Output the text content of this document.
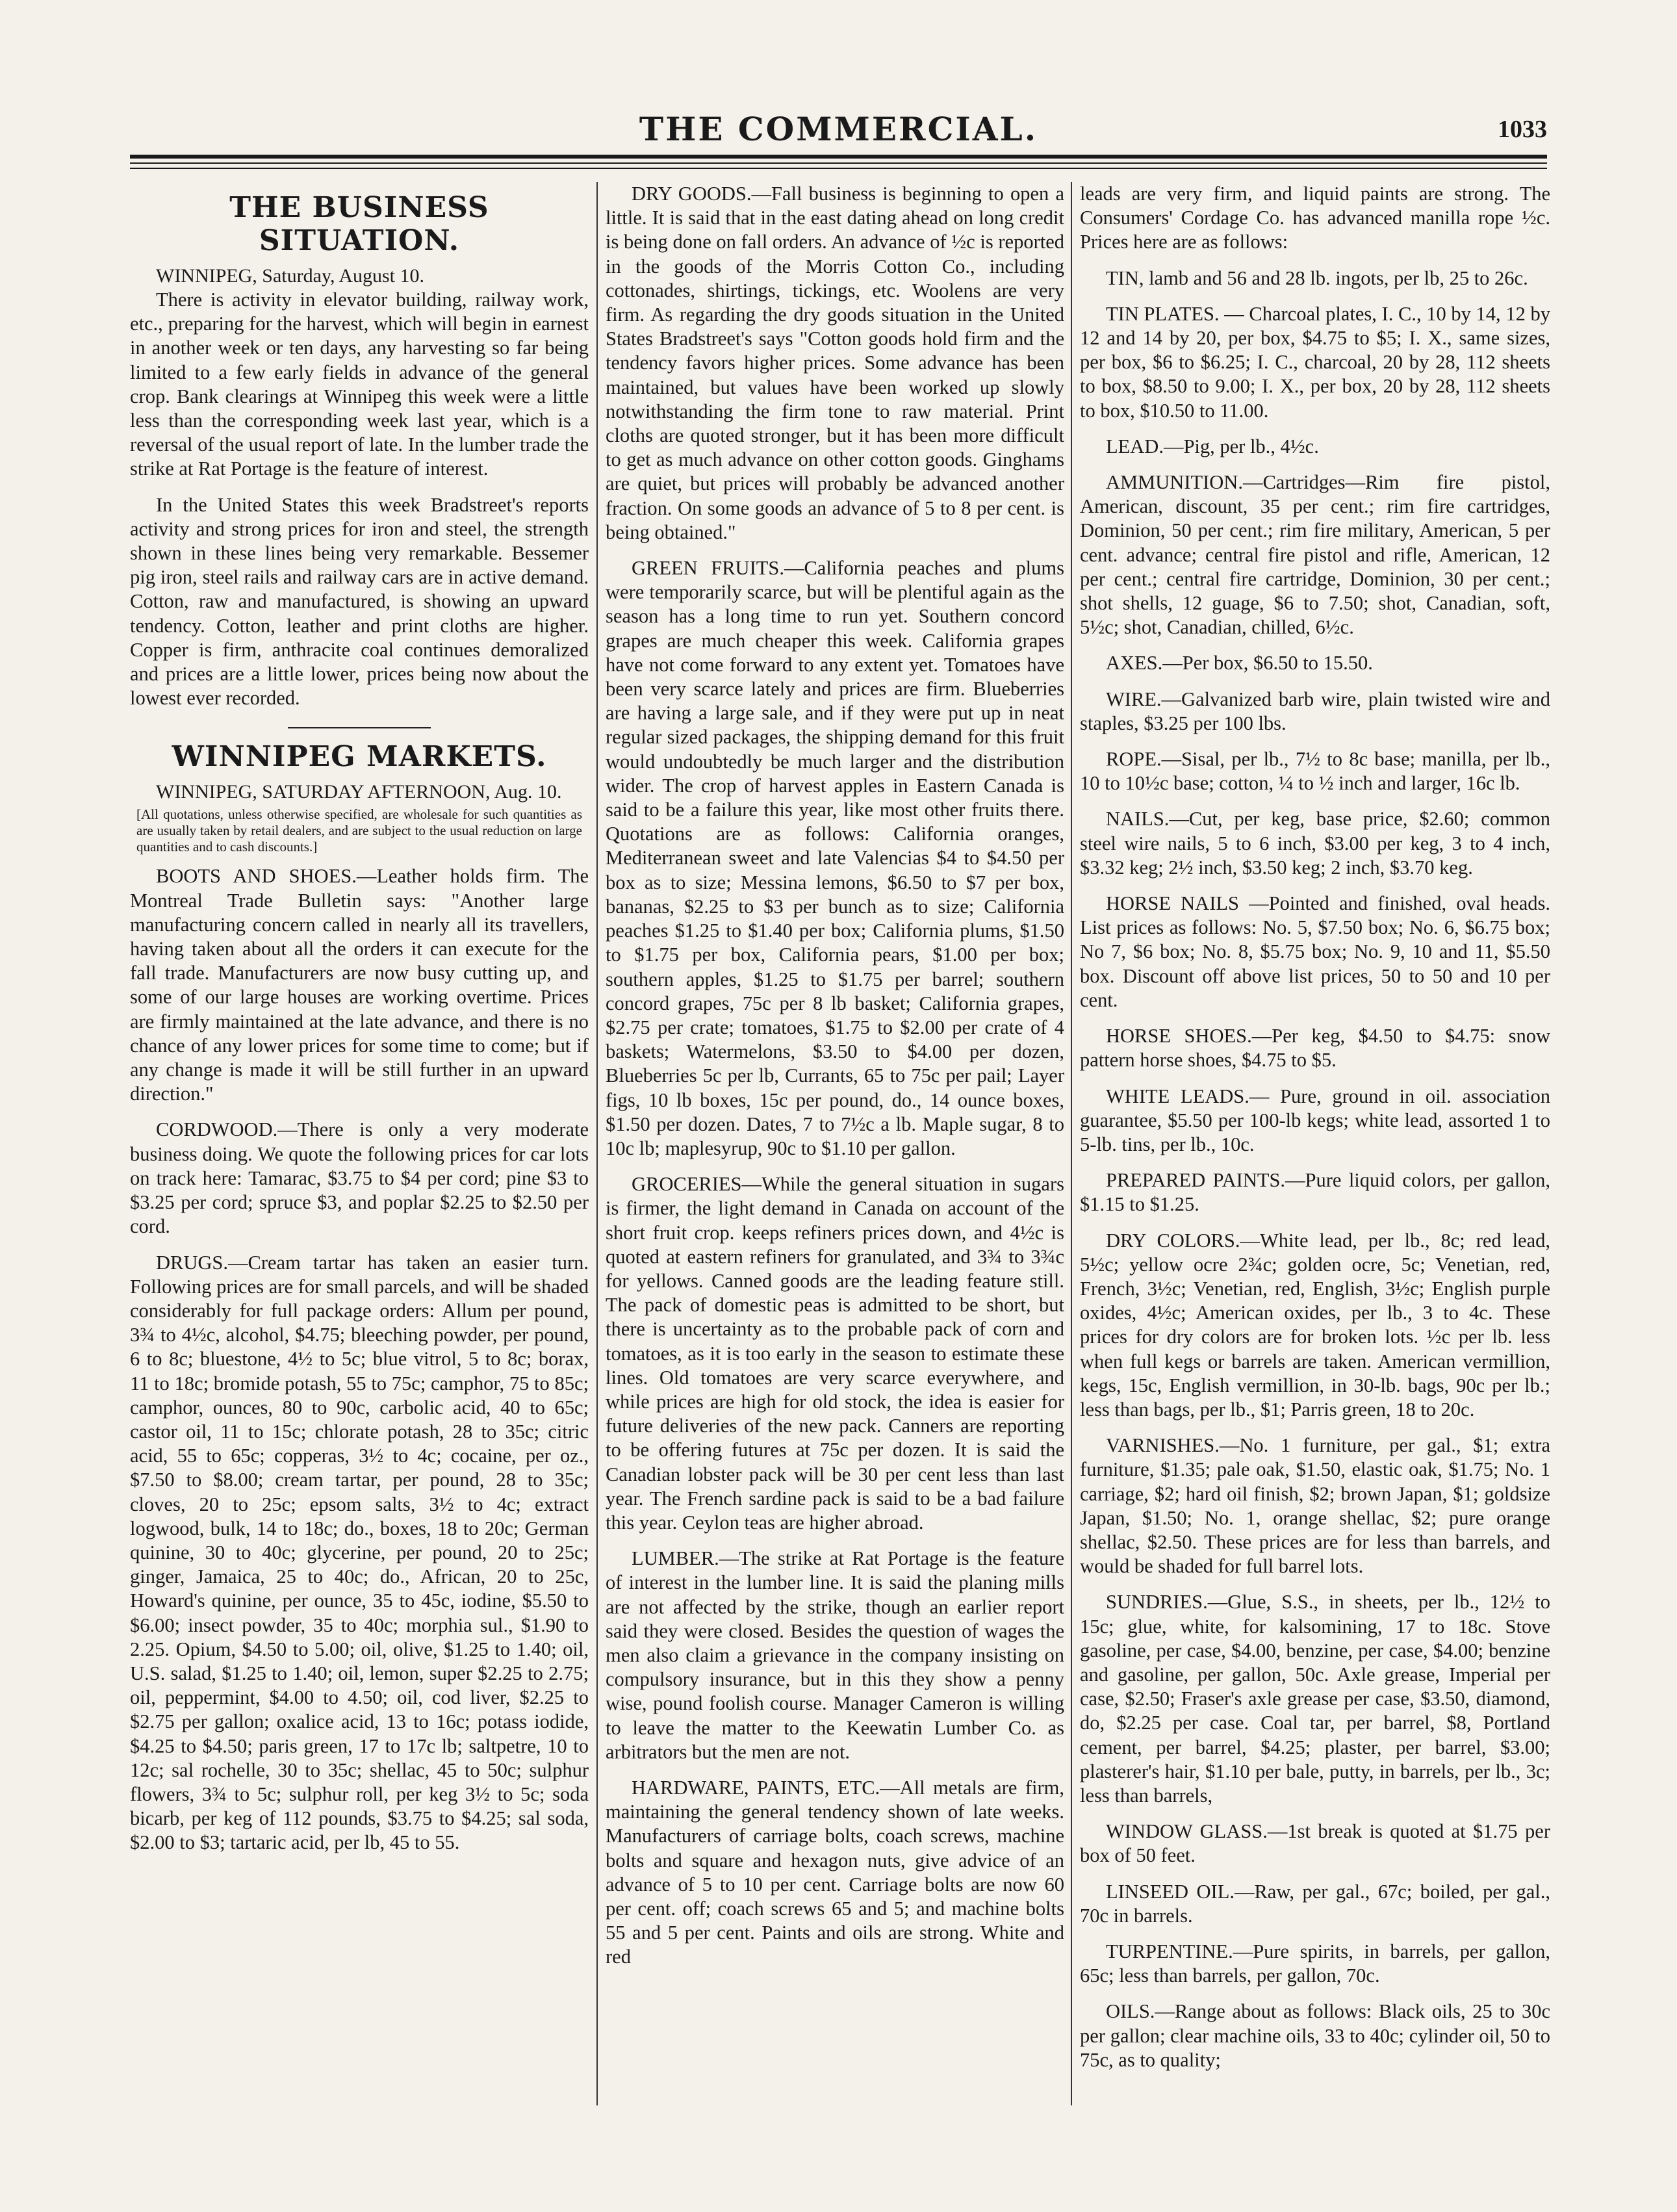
THE COMMERCIAL.	1033
THE BUSINESS SITUATION.

WINNIPEG, Saturday, August 10.

There is activity in elevator building, railway work, etc., preparing for the harvest, which will begin in earnest in another week or ten days, any harvesting so far being limited to a few early fields in advance of the general crop. Bank clearings at Winnipeg this week were a little less than the corresponding week last year, which is a reversal of the usual report of late. In the lumber trade the strike at Rat Portage is the feature of interest.

In the United States this week Bradstreet's reports activity and strong prices for iron and steel, the strength shown in these lines being very remarkable. Bessemer pig iron, steel rails and railway cars are in active demand. Cotton, raw and manufactured, is showing an upward tendency. Cotton, leather and print cloths are higher. Copper is firm, anthracite coal continues demoralized and prices are a little lower, prices being now about the lowest ever recorded.

WINNIPEG MARKETS.

WINNIPEG, SATURDAY AFTERNOON, Aug. 10.

[All quotations, unless otherwise specified, are wholesale for such quantities as are usually taken by retail dealers, and are subject to the usual reduction on large quantities and to cash discounts.]

BOOTS AND SHOES.—Leather holds firm. The Montreal Trade Bulletin says: "Another large manufacturing concern called in nearly all its travellers, having taken about all the orders it can execute for the fall trade. Manufacturers are now busy cutting up, and some of our large houses are working overtime. Prices are firmly maintained at the late advance, and there is no chance of any lower prices for some time to come; but if any change is made it will be still further in an upward direction."

CORDWOOD.—There is only a very moderate business doing. We quote the following prices for car lots on track here: Tamarac, $3.75 to $4 per cord; pine $3 to $3.25 per cord; spruce $3, and poplar $2.25 to $2.50 per cord.

DRUGS.—Cream tartar has taken an easier turn. Following prices are for small parcels, and will be shaded considerably for full package orders: Allum per pound, 3¾ to 4½c, alcohol, $4.75; bleeching powder, per pound, 6 to 8c; bluestone, 4½ to 5c; blue vitrol, 5 to 8c; borax, 11 to 18c; bromide potash, 55 to 75c; camphor, 75 to 85c; camphor, ounces, 80 to 90c, carbolic acid, 40 to 65c; castor oil, 11 to 15c; chlorate potash, 28 to 35c; citric acid, 55 to 65c; copperas, 3½ to 4c; cocaine, per oz., $7.50 to $8.00; cream tartar, per pound, 28 to 35c; cloves, 20 to 25c; epsom salts, 3½ to 4c; extract logwood, bulk, 14 to 18c; do., boxes, 18 to 20c; German quinine, 30 to 40c; glycerine, per pound, 20 to 25c; ginger, Jamaica, 25 to 40c; do., African, 20 to 25c, Howard's quinine, per ounce, 35 to 45c, iodine, $5.50 to $6.00; insect powder, 35 to 40c; morphia sul., $1.90 to 2.25. Opium, $4.50 to 5.00; oil, olive, $1.25 to 1.40; oil, U.S. salad, $1.25 to 1.40; oil, lemon, super $2.25 to 2.75; oil, peppermint, $4.00 to 4.50; oil, cod liver, $2.25 to $2.75 per gallon; oxalice acid, 13 to 16c; potass iodide, $4.25 to $4.50; paris green, 17 to 17c lb; saltpetre, 10 to 12c; sal rochelle, 30 to 35c; shellac, 45 to 50c; sulphur flowers, 3¾ to 5c; sulphur roll, per keg 3½ to 5c; soda bicarb, per keg of 112 pounds, $3.75 to $4.25; sal soda, $2.00 to $3; tartaric acid, per lb, 45 to 55.

DRY GOODS.—Fall business is beginning to open a little. It is said that in the east dating ahead on long credit is being done on fall orders. An advance of ½c is reported in the goods of the Morris Cotton Co., including cottonades, shirtings, tickings, etc. Woolens are very firm. As regarding the dry goods situation in the United States Bradstreet's says "Cotton goods hold firm and the tendency favors higher prices. Some advance has been maintained, but values have been worked up slowly notwithstanding the firm tone to raw material. Print cloths are quoted stronger, but it has been more difficult to get as much advance on other cotton goods. Ginghams are quiet, but prices will probably be advanced another fraction. On some goods an advance of 5 to 8 per cent. is being obtained."

GREEN FRUITS.—California peaches and plums were temporarily scarce, but will be plentiful again as the season has a long time to run yet. Southern concord grapes are much cheaper this week. California grapes have not come forward to any extent yet. Tomatoes have been very scarce lately and prices are firm. Blueberries are having a large sale, and if they were put up in neat regular sized packages, the shipping demand for this fruit would undoubtedly be much larger and the distribution wider. The crop of harvest apples in Eastern Canada is said to be a failure this year, like most other fruits there. Quotations are as follows: California oranges, Mediterranean sweet and late Valencias $4 to $4.50 per box as to size; Messina lemons, $6.50 to $7 per box, bananas, $2.25 to $3 per bunch as to size; California peaches $1.25 to $1.40 per box; California plums, $1.50 to $1.75 per box, California pears, $1.00 per box; southern apples, $1.25 to $1.75 per barrel; southern concord grapes, 75c per 8 lb basket; California grapes, $2.75 per crate; tomatoes, $1.75 to $2.00 per crate of 4 baskets; Watermelons, $3.50 to $4.00 per dozen, Blueberries 5c per lb, Currants, 65 to 75c per pail; Layer figs, 10 lb boxes, 15c per pound, do., 14 ounce boxes, $1.50 per dozen. Dates, 7 to 7½c a lb. Maple sugar, 8 to 10c lb; maplesyrup, 90c to $1.10 per gallon.

GROCERIES—While the general situation in sugars is firmer, the light demand in Canada on account of the short fruit crop. keeps refiners prices down, and 4½c is quoted at eastern refiners for granulated, and 3¾ to 3¾c for yellows. Canned goods are the leading feature still. The pack of domestic peas is admitted to be short, but there is uncertainty as to the probable pack of corn and tomatoes, as it is too early in the season to estimate these lines. Old tomatoes are very scarce everywhere, and while prices are high for old stock, the idea is easier for future deliveries of the new pack. Canners are reporting to be offering futures at 75c per dozen. It is said the Canadian lobster pack will be 30 per cent less than last year. The French sardine pack is said to be a bad failure this year. Ceylon teas are higher abroad.

LUMBER.—The strike at Rat Portage is the feature of interest in the lumber line. It is said the planing mills are not affected by the strike, though an earlier report said they were closed. Besides the question of wages the men also claim a grievance in the company insisting on compulsory insurance, but in this they show a penny wise, pound foolish course. Manager Cameron is willing to leave the matter to the Keewatin Lumber Co. as arbitrators but the men are not.

HARDWARE, PAINTS, ETC.—All metals are firm, maintaining the general tendency shown of late weeks. Manufacturers of carriage bolts, coach screws, machine bolts and square and hexagon nuts, give advice of an advance of 5 to 10 per cent. Carriage bolts are now 60 per cent. off; coach screws 65 and 5; and machine bolts 55 and 5 per cent. Paints and oils are strong. White and red

leads are very firm, and liquid paints are strong. The Consumers' Cordage Co. has advanced manilla rope ½c. Prices here are as follows:

TIN, lamb and 56 and 28 lb. ingots, per lb, 25 to 26c.

TIN PLATES. — Charcoal plates, I. C., 10 by 14, 12 by 12 and 14 by 20, per box, $4.75 to $5; I. X., same sizes, per box, $6 to $6.25; I. C., charcoal, 20 by 28, 112 sheets to box, $8.50 to 9.00; I. X., per box, 20 by 28, 112 sheets to box, $10.50 to 11.00.

LEAD.—Pig, per lb., 4½c.

AMMUNITION.—Cartridges—Rim fire pistol, American, discount, 35 per cent.; rim fire cartridges, Dominion, 50 per cent.; rim fire military, American, 5 per cent. advance; central fire pistol and rifle, American, 12 per cent.; central fire cartridge, Dominion, 30 per cent.; shot shells, 12 guage, $6 to 7.50; shot, Canadian, soft, 5½c; shot, Canadian, chilled, 6½c.

AXES.—Per box, $6.50 to 15.50.

WIRE.—Galvanized barb wire, plain twisted wire and staples, $3.25 per 100 lbs.

ROPE.—Sisal, per lb., 7½ to 8c base; manilla, per lb., 10 to 10½c base; cotton, ¼ to ½ inch and larger, 16c lb.

NAILS.—Cut, per keg, base price, $2.60; common steel wire nails, 5 to 6 inch, $3.00 per keg, 3 to 4 inch, $3.32 keg; 2½ inch, $3.50 keg; 2 inch, $3.70 keg.

HORSE NAILS —Pointed and finished, oval heads. List prices as follows: No. 5, $7.50 box; No. 6, $6.75 box; No 7, $6 box; No. 8, $5.75 box; No. 9, 10 and 11, $5.50 box. Discount off above list prices, 50 to 50 and 10 per cent.

HORSE SHOES.—Per keg, $4.50 to $4.75: snow pattern horse shoes, $4.75 to $5.

WHITE LEADS.— Pure, ground in oil. association guarantee, $5.50 per 100-lb kegs; white lead, assorted 1 to 5-lb. tins, per lb., 10c.

PREPARED PAINTS.—Pure liquid colors, per gallon, $1.15 to $1.25.

DRY COLORS.—White lead, per lb., 8c; red lead, 5½c; yellow ocre 2¾c; golden ocre, 5c; Venetian, red, French, 3½c; Venetian, red, English, 3½c; English purple oxides, 4½c; American oxides, per lb., 3 to 4c. These prices for dry colors are for broken lots. ½c per lb. less when full kegs or barrels are taken. American vermillion, kegs, 15c, English vermillion, in 30-lb. bags, 90c per lb.; less than bags, per lb., $1; Parris green, 18 to 20c.

VARNISHES.—No. 1 furniture, per gal., $1; extra furniture, $1.35; pale oak, $1.50, elastic oak, $1.75; No. 1 carriage, $2; hard oil finish, $2; brown Japan, $1; goldsize Japan, $1.50; No. 1, orange shellac, $2; pure orange shellac, $2.50. These prices are for less than barrels, and would be shaded for full barrel lots.

SUNDRIES.—Glue, S.S., in sheets, per lb., 12½ to 15c; glue, white, for kalsomining, 17 to 18c. Stove gasoline, per case, $4.00, benzine, per case, $4.00; benzine and gasoline, per gallon, 50c. Axle grease, Imperial per case, $2.50; Fraser's axle grease per case, $3.50, diamond, do, $2.25 per case. Coal tar, per barrel, $8, Portland cement, per barrel, $4.25; plaster, per barrel, $3.00; plasterer's hair, $1.10 per bale, putty, in barrels, per lb., 3c; less than barrels,

WINDOW GLASS.—1st break is quoted at $1.75 per box of 50 feet.

LINSEED OIL.—Raw, per gal., 67c; boiled, per gal., 70c in barrels.

TURPENTINE.—Pure spirits, in barrels, per gallon, 65c; less than barrels, per gallon, 70c.

OILS.—Range about as follows: Black oils, 25 to 30c per gallon; clear machine oils, 33 to 40c; cylinder oil, 50 to 75c, as to quality;
